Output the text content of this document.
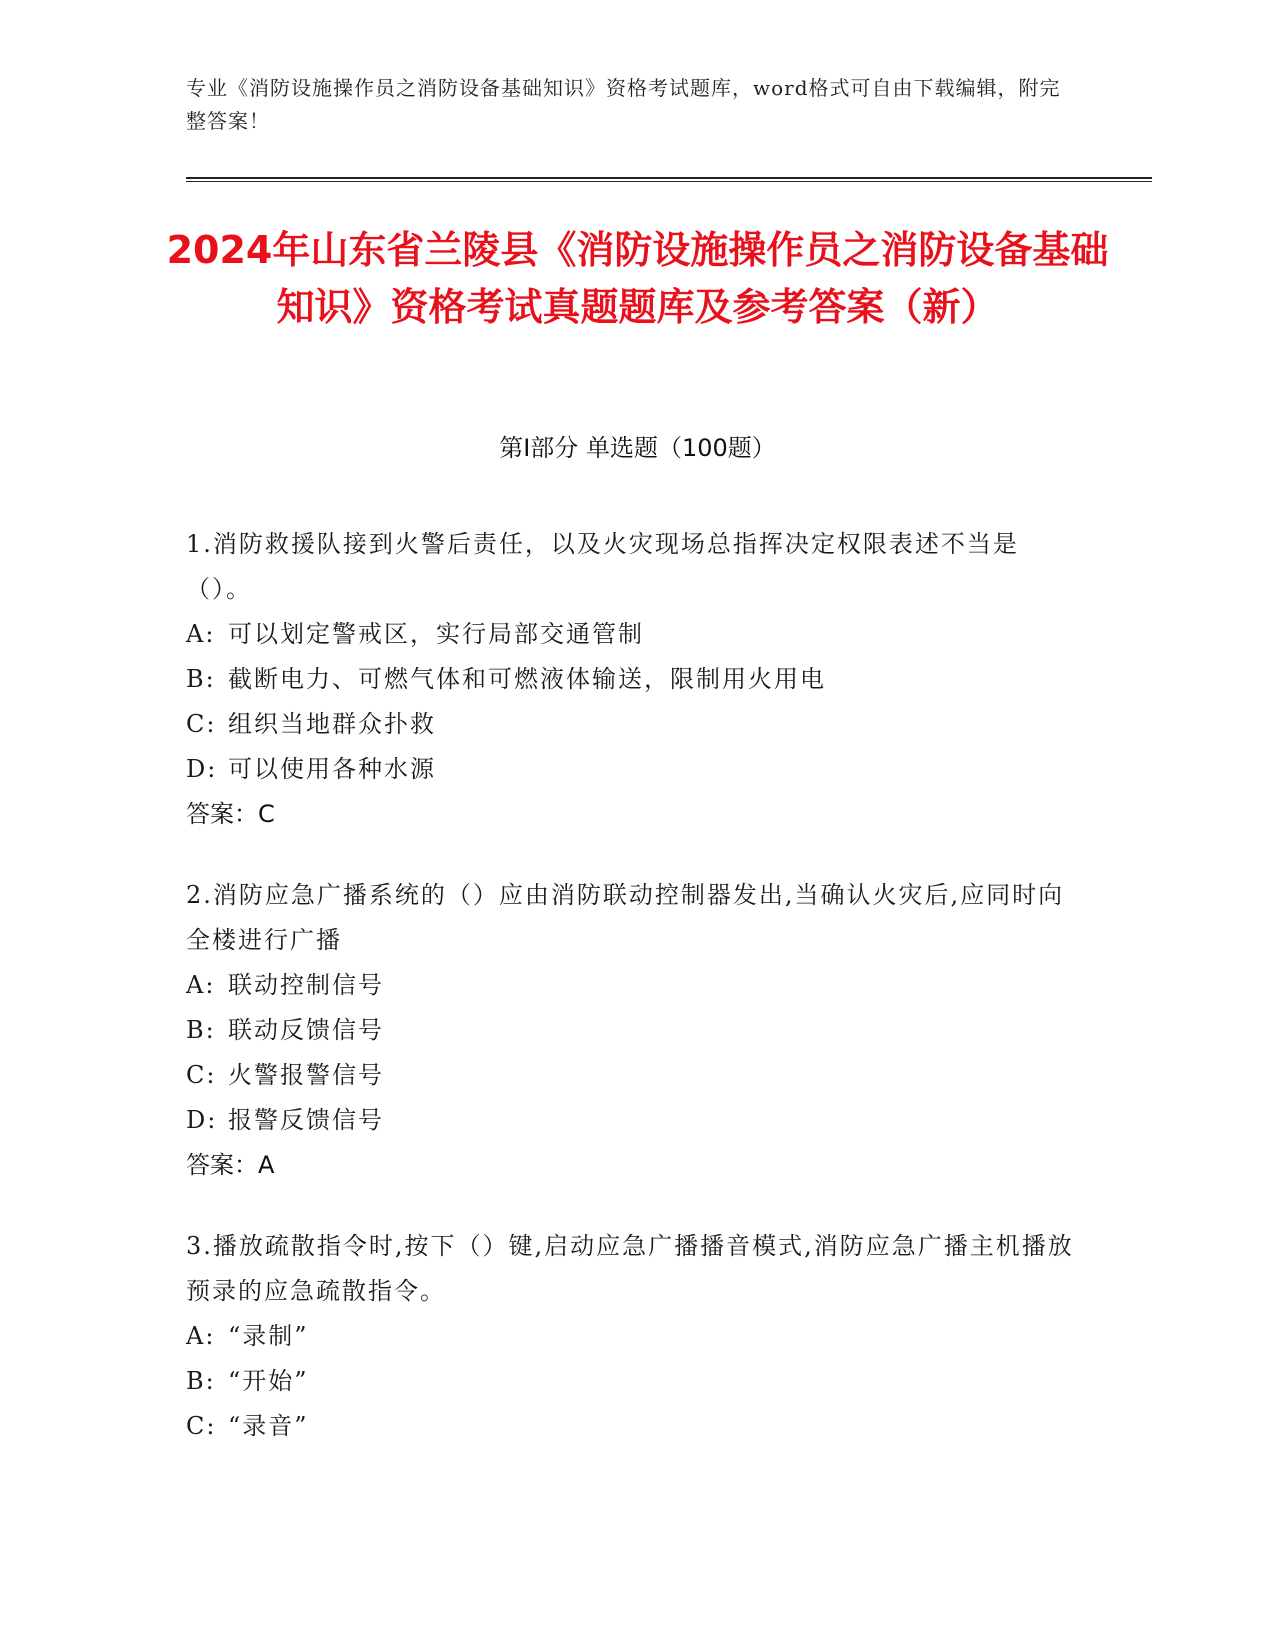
专业《消防设施操作员之消防设备基础知识》资格考试题库，word格式可自由下载编辑，附完整答案！
2024年山东省兰陵县《消防设施操作员之消防设备基础知识》资格考试真题题库及参考答案（新）
第I部分 单选题（100题）
1.消防救援队接到火警后责任，以及火灾现场总指挥决定权限表述不当是（）。
A: 可以划定警戒区，实行局部交通管制
B: 截断电力、可燃气体和可燃液体输送，限制用火用电
C: 组织当地群众扑救
D: 可以使用各种水源
答案：C
2.消防应急广播系统的（）应由消防联动控制器发出,当确认火灾后,应同时向全楼进行广播
A: 联动控制信号
B: 联动反馈信号
C: 火警报警信号
D: 报警反馈信号
答案：A
3.播放疏散指令时,按下（）键,启动应急广播播音模式,消防应急广播主机播放预录的应急疏散指令。
A: “录制”
B: “开始”
C: “录音”
